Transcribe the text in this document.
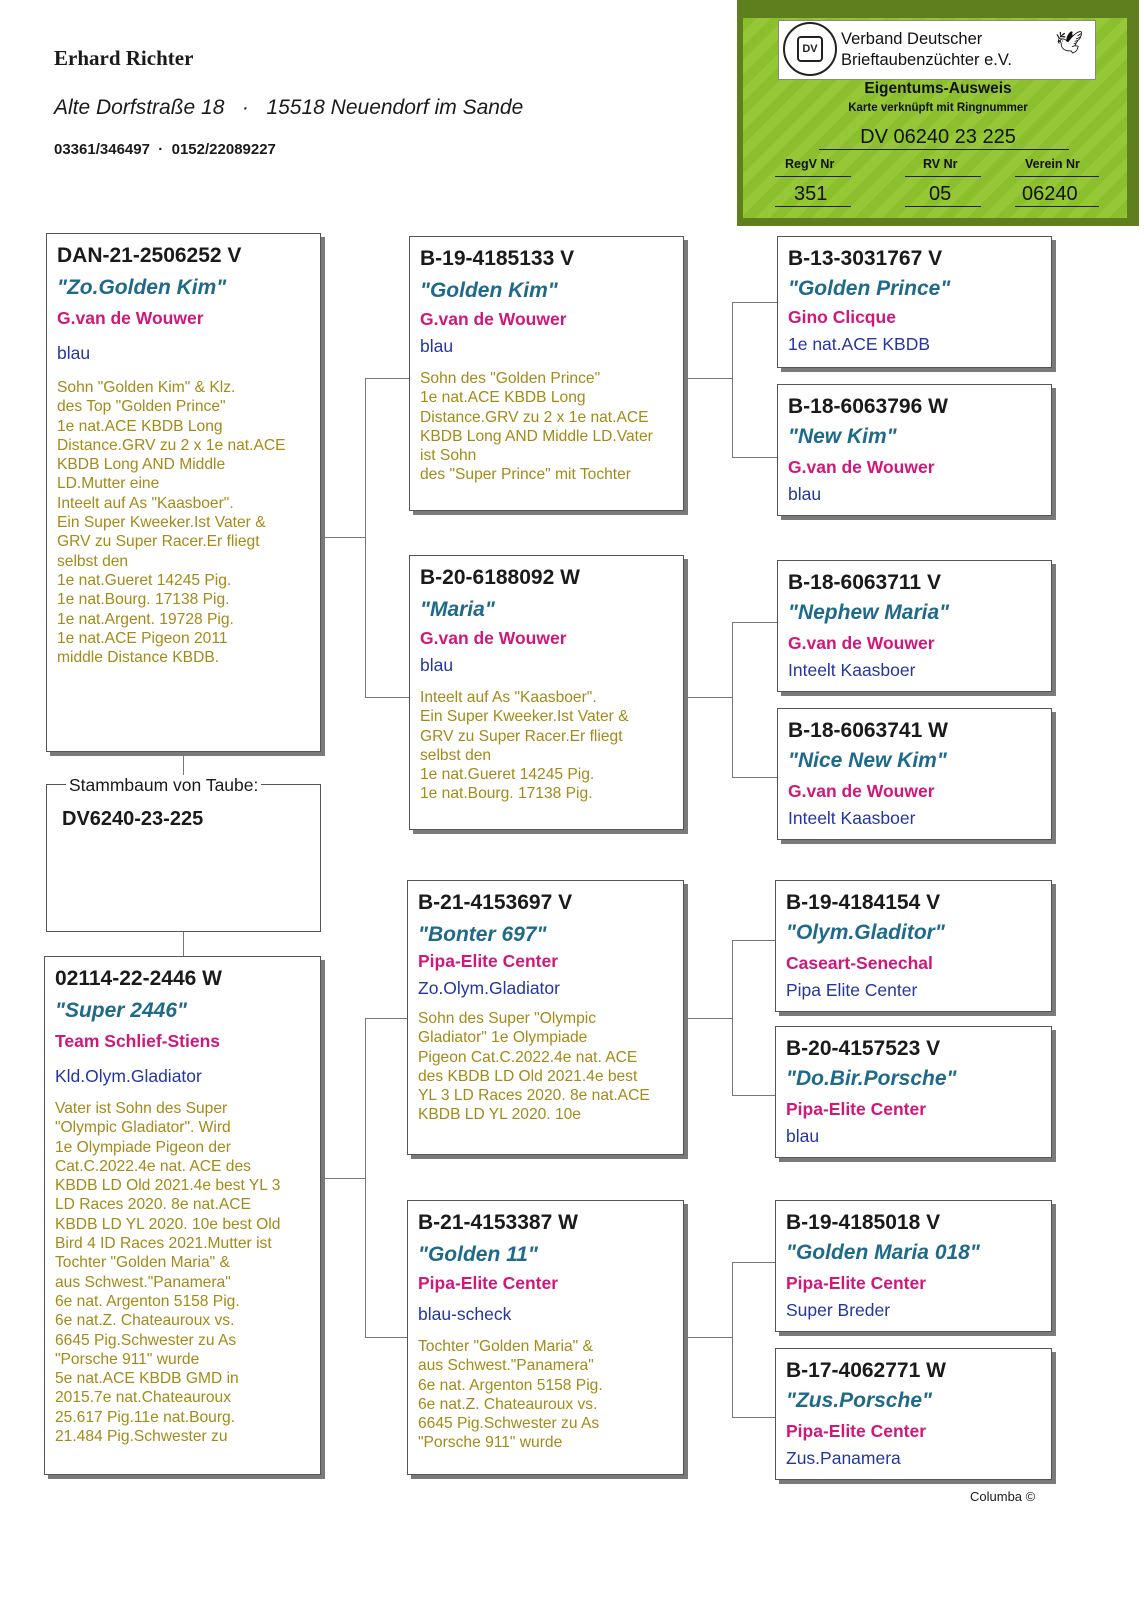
Erhard Richter
Alte Dorfstraße 18 · 15518 Neuendorf im Sande
03361/346497 · 0152/22089227
DV
Verband Deutscher
Brieftaubenzüchter e.V.
🕊
Eigentums-Ausweis
Karte verknüpft mit Ringnummer
DV 06240 23 225
RegV Nr	RV Nr	Verein Nr
351	05	06240
Stammbaum von Taube:
DV6240-23-225
DAN-21-2506252 V
"Zo.Golden Kim"
G.van de Wouwer
blau
Sohn "Golden Kim" & Klz.
des Top "Golden Prince"
1e nat.ACE KBDB Long
Distance.GRV zu 2 x 1e nat.ACE
KBDB Long AND Middle
LD.Mutter eine
Inteelt auf As "Kaasboer".
Ein Super Kweeker.Ist Vater &
GRV zu Super Racer.Er fliegt
selbst den
1e nat.Gueret 14245 Pig.
1e nat.Bourg. 17138 Pig.
1e nat.Argent. 19728 Pig.
1e nat.ACE Pigeon 2011
middle Distance KBDB.
02114-22-2446 W
"Super 2446"
Team Schlief-Stiens
Kld.Olym.Gladiator
Vater ist Sohn des Super
"Olympic Gladiator". Wird
1e Olympiade Pigeon der
Cat.C.2022.4e nat. ACE des
KBDB LD Old 2021.4e best YL 3
LD Races 2020. 8e nat.ACE
KBDB LD YL 2020. 10e best Old
Bird 4 ID Races 2021.Mutter ist
Tochter "Golden Maria" &
aus Schwest."Panamera"
6e nat. Argenton 5158 Pig.
6e nat.Z. Chateauroux vs.
6645 Pig.Schwester zu As
"Porsche 911" wurde
5e nat.ACE KBDB GMD in
2015.7e nat.Chateauroux
25.617 Pig.11e nat.Bourg.
21.484 Pig.Schwester zu
B-19-4185133 V
"Golden Kim"
G.van de Wouwer
blau
Sohn des "Golden Prince"
1e nat.ACE KBDB Long
Distance.GRV zu 2 x 1e nat.ACE
KBDB Long AND Middle LD.Vater
ist Sohn
des "Super Prince" mit Tochter
B-20-6188092 W
"Maria"
G.van de Wouwer
blau
Inteelt auf As "Kaasboer".
Ein Super Kweeker.Ist Vater &
GRV zu Super Racer.Er fliegt
selbst den
1e nat.Gueret 14245 Pig.
1e nat.Bourg. 17138 Pig.
B-21-4153697 V
"Bonter 697"
Pipa-Elite Center
Zo.Olym.Gladiator
Sohn des Super "Olympic
Gladiator" 1e Olympiade
Pigeon Cat.C.2022.4e nat. ACE
des KBDB LD Old 2021.4e best
YL 3 LD Races 2020. 8e nat.ACE
KBDB LD YL 2020. 10e
B-21-4153387 W
"Golden 11"
Pipa-Elite Center
blau-scheck
Tochter "Golden Maria" &
aus Schwest."Panamera"
6e nat. Argenton 5158 Pig.
6e nat.Z. Chateauroux vs.
6645 Pig.Schwester zu As
"Porsche 911" wurde
B-13-3031767 V
"Golden Prince"
Gino Clicque
1e nat.ACE KBDB
B-18-6063796 W
"New Kim"
G.van de Wouwer
blau
B-18-6063711 V
"Nephew Maria"
G.van de Wouwer
Inteelt Kaasboer
B-18-6063741 W
"Nice New Kim"
G.van de Wouwer
Inteelt Kaasboer
B-19-4184154 V
"Olym.Gladitor"
Caseart-Senechal
Pipa Elite Center
B-20-4157523 V
"Do.Bir.Porsche"
Pipa-Elite Center
blau
B-19-4185018 V
"Golden Maria 018"
Pipa-Elite Center
Super Breder
B-17-4062771 W
"Zus.Porsche"
Pipa-Elite Center
Zus.Panamera
Columba ©
